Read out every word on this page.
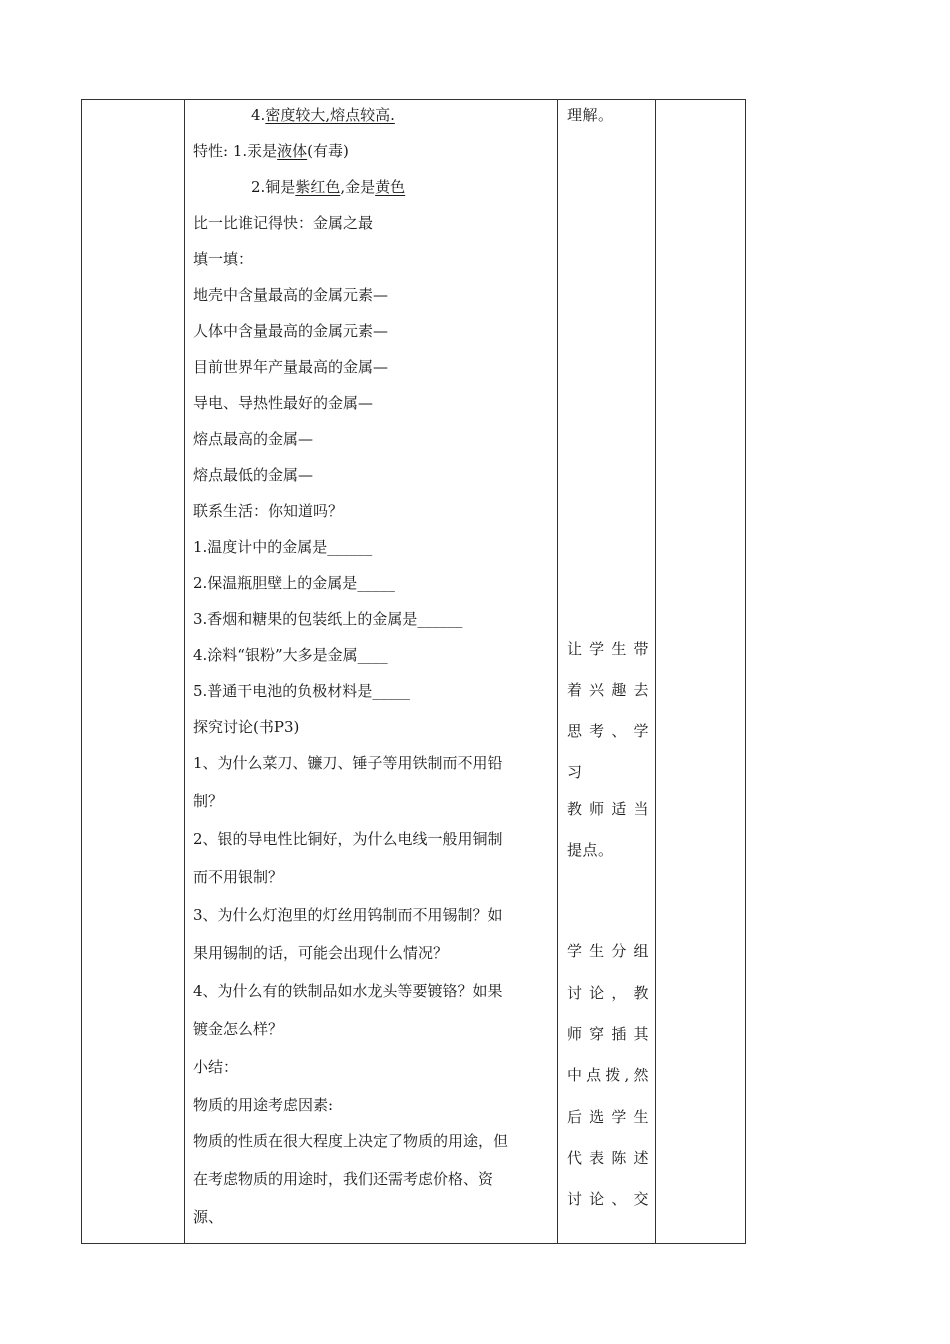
4.密度较大,熔点较高.
特性: 1.汞是液体(有毒)
2.铜是紫红色,金是黄色
比一比谁记得快：金属之最
填一填：
地壳中含量最高的金属元素—
人体中含量最高的金属元素—
目前世界年产量最高的金属—
导电、导热性最好的金属—
熔点最高的金属—
熔点最低的金属—
联系生活：你知道吗？
1.温度计中的金属是______
2.保温瓶胆壁上的金属是_____
3.香烟和糖果的包装纸上的金属是______
4.涂料“银粉”大多是金属____
5.普通干电池的负极材料是_____
探究讨论(书P3)
1、为什么菜刀、镰刀、锤子等用铁制而不用铅
制？
2、银的导电性比铜好，为什么电线一般用铜制
而不用银制？
3、为什么灯泡里的灯丝用钨制而不用锡制？如
果用锡制的话，可能会出现什么情况？
4、为什么有的铁制品如水龙头等要镀铬？如果
镀金怎么样？
小结：
物质的用途考虑因素:
物质的性质在很大程度上决定了物质的用途，但
在考虑物质的用途时，我们还需考虑价格、资
源、
理解。
让学生带
着兴趣去
思考、学
习
教师适当
提点。
学生分组
讨论，教
师穿插其
中点拨,然
后选学生
代表陈述
讨论、交
